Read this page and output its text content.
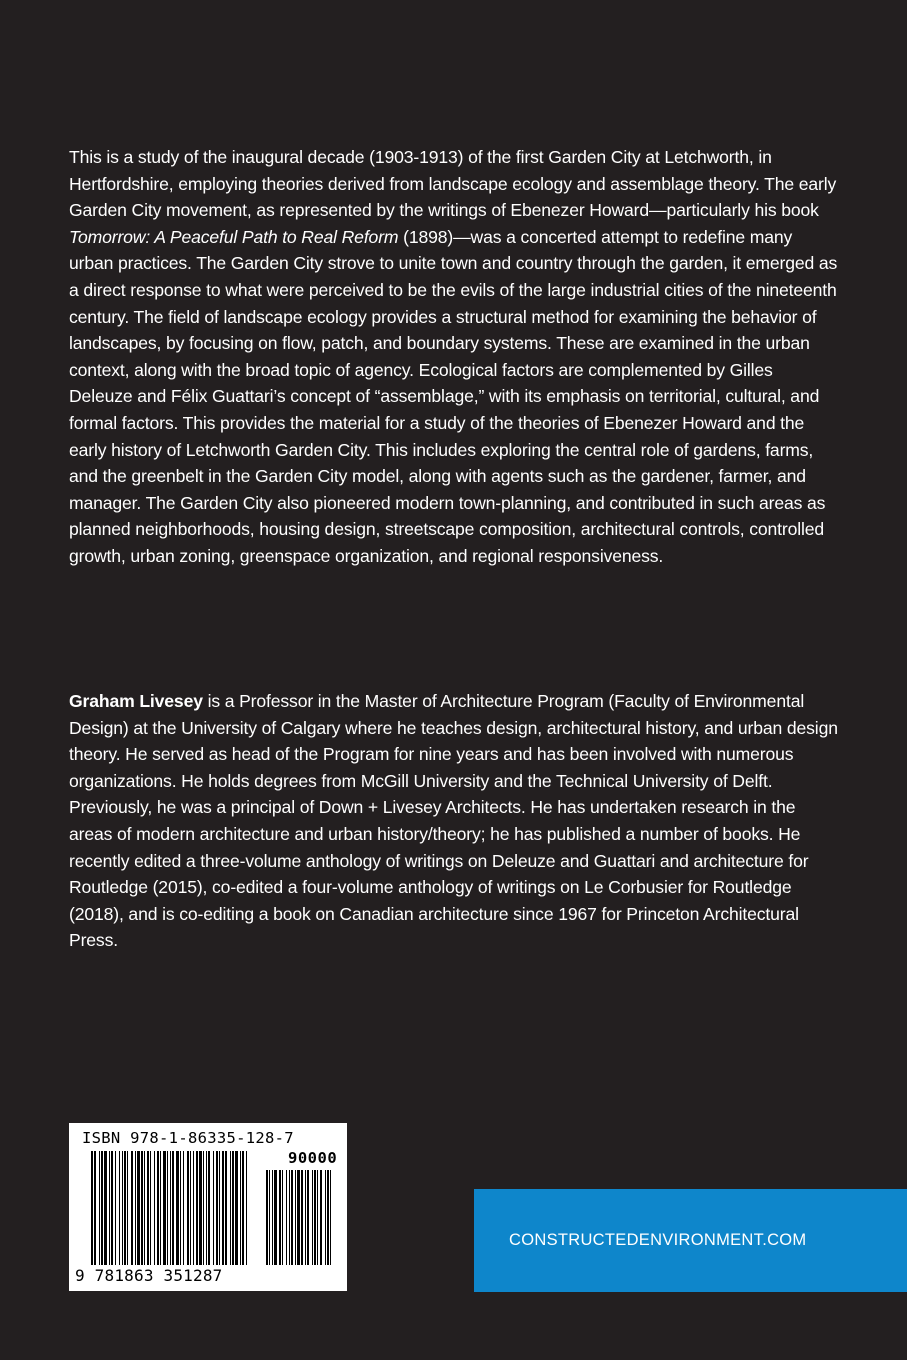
This is a study of the inaugural decade (1903-1913) of the first Garden City at Letchworth, in Hertfordshire, employing theories derived from landscape ecology and assemblage theory. The early Garden City movement, as represented by the writings of Ebenezer Howard—particularly his book Tomorrow: A Peaceful Path to Real Reform (1898)—was a concerted attempt to redefine many urban practices. The Garden City strove to unite town and country through the garden, it emerged as a direct response to what were perceived to be the evils of the large industrial cities of the nineteenth century. The field of landscape ecology provides a structural method for examining the behavior of landscapes, by focusing on flow, patch, and boundary systems. These are examined in the urban context, along with the broad topic of agency. Ecological factors are complemented by Gilles Deleuze and Félix Guattari’s concept of “assemblage,” with its emphasis on territorial, cultural, and formal factors. This provides the material for a study of the theories of Ebenezer Howard and the early history of Letchworth Garden City. This includes exploring the central role of gardens, farms, and the greenbelt in the Garden City model, along with agents such as the gardener, farmer, and manager. The Garden City also pioneered modern town-planning, and contributed in such areas as planned neighborhoods, housing design, streetscape composition, architectural controls, controlled growth, urban zoning, greenspace organization, and regional responsiveness.

Graham Livesey is a Professor in the Master of Architecture Program (Faculty of Environmental Design) at the University of Calgary where he teaches design, architectural history, and urban design theory. He served as head of the Program for nine years and has been involved with numerous organizations. He holds degrees from McGill University and the Technical University of Delft. Previously, he was a principal of Down + Livesey Architects. He has undertaken research in the areas of modern architecture and urban history/theory; he has published a number of books. He recently edited a three-volume anthology of writings on Deleuze and Guattari and architecture for Routledge (2015), co-edited a four-volume anthology of writings on Le Corbusier for Routledge (2018), and is co-editing a book on Canadian architecture since 1967 for Princeton Architectural Press.

ISBN 978-1-86335-128-7
90000
9 781863 351287
CONSTRUCTEDENVIRONMENT.COM
